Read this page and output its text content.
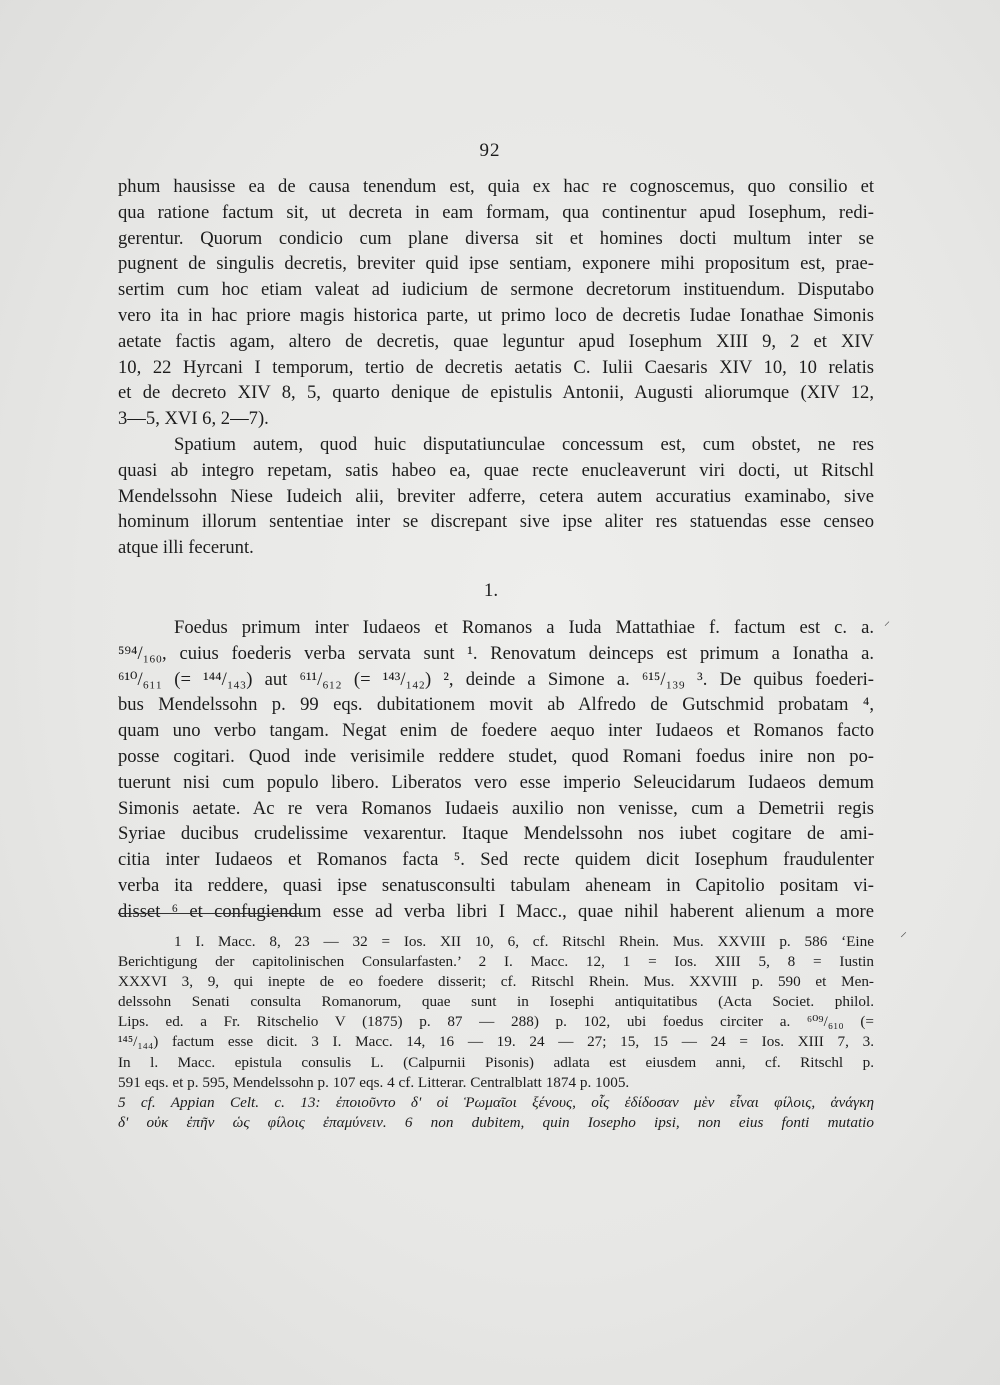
92
phum hausisse ea de causa tenendum est, quia ex hac re cognoscemus, quo consilio et
qua ratione factum sit, ut decreta in eam formam, qua continentur apud Iosephum, redi-
gerentur. Quorum condicio cum plane diversa sit et homines docti multum inter se
pugnent de singulis decretis, breviter quid ipse sentiam, exponere mihi propositum est, prae-
sertim cum hoc etiam valeat ad iudicium de sermone decretorum instituendum. Disputabo
vero ita in hac priore magis historica parte, ut primo loco de decretis Iudae Ionathae Simonis
aetate factis agam, altero de decretis, quae leguntur apud Iosephum XIII 9, 2 et XIV
10, 22 Hyrcani I temporum, tertio de decretis aetatis C. Iulii Caesaris XIV 10, 10 relatis
et de decreto XIV 8, 5, quarto denique de epistulis Antonii, Augusti aliorumque (XIV 12,
3—5, XVI 6, 2—7).
Spatium autem, quod huic disputatiunculae concessum est, cum obstet, ne res
quasi ab integro repetam, satis habeo ea, quae recte enucleaverunt viri docti, ut Ritschl
Mendelssohn Niese Iudeich alii, breviter adferre, cetera autem accuratius examinabo, sive
hominum illorum sententiae inter se discrepant sive ipse aliter res statuendas esse censeo
atque illi fecerunt.
1.
Foedus primum inter Iudaeos et Romanos a Iuda Mattathiae f. factum est c. a.
⁵⁹⁴/₁₆₀, cuius foederis verba servata sunt ¹. Renovatum deinceps est primum a Ionatha a.
⁶¹⁰/₆₁₁ (= ¹⁴⁴/₁₄₃) aut ⁶¹¹/₆₁₂ (= ¹⁴³/₁₄₂) ², deinde a Simone a. ⁶¹⁵/₁₃₉ ³. De quibus foederi-
bus Mendelssohn p. 99 eqs. dubitationem movit ab Alfredo de Gutschmid probatam ⁴,
quam uno verbo tangam. Negat enim de foedere aequo inter Iudaeos et Romanos facto
posse cogitari. Quod inde verisimile reddere studet, quod Romani foedus inire non po-
tuerunt nisi cum populo libero. Liberatos vero esse imperio Seleucidarum Iudaeos demum
Simonis aetate. Ac re vera Romanos Iudaeis auxilio non venisse, cum a Demetrii regis
Syriae ducibus crudelissime vexarentur. Itaque Mendelssohn nos iubet cogitare de ami-
citia inter Iudaeos et Romanos facta ⁵. Sed recte quidem dicit Iosephum fraudulenter
verba ita reddere, quasi ipse senatusconsulti tabulam aheneam in Capitolio positam vi-
disset ⁶ et confugiendum esse ad verba libri I Macc., quae nihil haberent alienum a more
1 I. Macc. 8, 23 — 32 = Ios. XII 10, 6, cf. Ritschl Rhein. Mus. XXVIII p. 586 ‘Eine
Berichtigung der capitolinischen Consularfasten.’ 2 I. Macc. 12, 1 = Ios. XIII 5, 8 = Iustin
XXXVI 3, 9, qui inepte de eo foedere disserit; cf. Ritschl Rhein. Mus. XXVIII p. 590 et Men-
delssohn Senati consulta Romanorum, quae sunt in Iosephi antiquitatibus (Acta Societ. philol.
Lips. ed. a Fr. Ritschelio V (1875) p. 87 — 288) p. 102, ubi foedus circiter a. ⁶⁰⁹/₆₁₀ (=
¹⁴⁵/₁₄₄) factum esse dicit. 3 I. Macc. 14, 16 — 19. 24 — 27; 15, 15 — 24 = Ios. XIII 7, 3.
In l. Macc. epistula consulis L. (Calpurnii Pisonis) adlata est eiusdem anni, cf. Ritschl p.
591 eqs. et p. 595, Mendelssohn p. 107 eqs. 4 cf. Litterar. Centralblatt 1874 p. 1005.
5 cf. Appian Celt. c. 13: ἐποιοῦντο δ' οἱ Ῥωμαῖοι ξένους, οἷς ἐδίδοσαν μὲν εἶναι φίλοις, ἀνάγκη
δ' οὐκ ἐπῆν ὡς φίλοις ἐπαμύνειν. 6 non dubitem, quin Iosepho ipsi, non eius fonti mutatio
⸍
⸍
